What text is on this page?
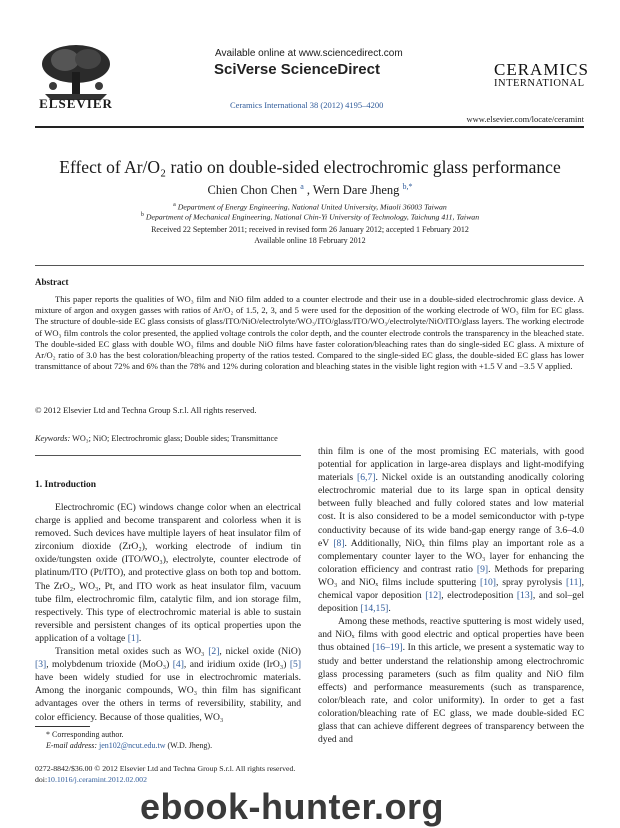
ELSEVIER
Available online at www.sciencedirect.com
SciVerse ScienceDirect
Ceramics International 38 (2012) 4195–4200
CERAMICS
INTERNATIONAL
www.elsevier.com/locate/ceramint
Effect of Ar/O₂ ratio on double-sided electrochromic glass performance
Chien Chon Chen $^a$ , Wern Dare Jheng $^{b,*}$
$^a$ Department of Energy Engineering, National United University, Miaoli 36003 Taiwan
$^b$ Department of Mechanical Engineering, National Chin-Yi University of Technology, Taichung 411, Taiwan
Received 22 September 2011; received in revised form 26 January 2012; accepted 1 February 2012
Available online 18 February 2012
Abstract

This paper reports the qualities of WO₃ film and NiO film added to a counter electrode and their use in a double-sided electrochromic glass device. A mixture of argon and oxygen gasses with ratios of Ar/O₂ of 1.5, 2, 3, and 5 were used for the deposition of the working electrode of WO₃ film for EC glass. The structure of double-side EC glass consists of glass/ITO/NiO/electrolyte/WO₃/ITO/glass/ITO/WO₃/electrolyte/NiO/ITO/glass layers. The working electrode of WO₃ film controls the color presented, the applied voltage controls the color depth, and the counter electrode controls the transparency in the bleached state. The double-sided EC glass with double WO₃ films and double NiO films have faster coloration/bleaching rates than do single-sided EC glass. A mixture of Ar/O₂ ratio of 3.0 has the best coloration/bleaching property of the ratios tested. Compared to the single-sided EC glass, the double-sided EC glass has lower transmittance of about 72% and 6% than the 78% and 12% during coloration and bleaching states in the visible light region with +1.5 V and −3.5 V applied.

© 2012 Elsevier Ltd and Techna Group S.r.l. All rights reserved.
Keywords: WO₃; NiO; Electrochromic glass; Double sides; Transmittance
1. Introduction

Electrochromic (EC) windows change color when an electrical charge is applied and become transparent and colorless when it is removed. Such devices have multiple layers of heat insulator film of zirconium dioxide (ZrO₂), working electrode of indium tin oxide/tungsten oxide (ITO/WO₃), electrolyte, counter electrode of platinum/ITO (Pt/ITO), and protective glass on both top and bottom. The ZrO₂, WO₃, Pt, and ITO work as heat insulator film, vacuum tube film, electrochromic film, catalytic film, and ion storage film, respectively. This type of electrochromic material is able to sustain reversible and persistent changes of its optical properties upon the application of a voltage [1].

Transition metal oxides such as WO₃ [2], nickel oxide (NiO) [3], molybdenum trioxide (MoO₃) [4], and iridium oxide (IrO₃) [5] have been widely studied for use in electrochromic materials. Among the inorganic compounds, WO₃ thin film has significant advantages over the others in terms of reversibility, stability, and color efficiency. Because of those qualities, WO₃

thin film is one of the most promising EC materials, with good potential for application in large-area displays and light-modifying materials [6,7]. Nickel oxide is an outstanding anodically coloring electrochromic material due to its large span in optical density between fully bleached and fully colored states and low material cost. It is also considered to be a model semiconductor with p-type conductivity because of its wide band-gap energy range of 3.6–4.0 eV [8]. Additionally, NiOₓ thin films play an important role as a complementary counter layer to the WO₃ layer for enhancing the coloration efficiency and contrast ratio [9]. Methods for preparing WO₃ and NiOₓ films include sputtering [10], spray pyrolysis [11], chemical vapor deposition [12], electrodeposition [13], and sol–gel deposition [14,15].

Among these methods, reactive sputtering is most widely used, and NiOₓ films with good electric and optical properties have been thus obtained [16–19]. In this article, we present a systematic way to study and better understand the relationship among electrochromic glass processing parameters (such as film quality and NiO film effects) and performance measurements (such as transparence, color/bleach rate, and color uniformity). In order to get a fast coloration/bleaching rate of EC glass, we made double-sided EC glass that can achieve different degrees of transparency between the dyed and

* Corresponding author.
E-mail address: jen102@ncut.edu.tw (W.D. Jheng).
0272-8842/$36.00 © 2012 Elsevier Ltd and Techna Group S.r.l. All rights reserved.
doi:10.1016/j.ceramint.2012.02.002
ebook-hunter.org
